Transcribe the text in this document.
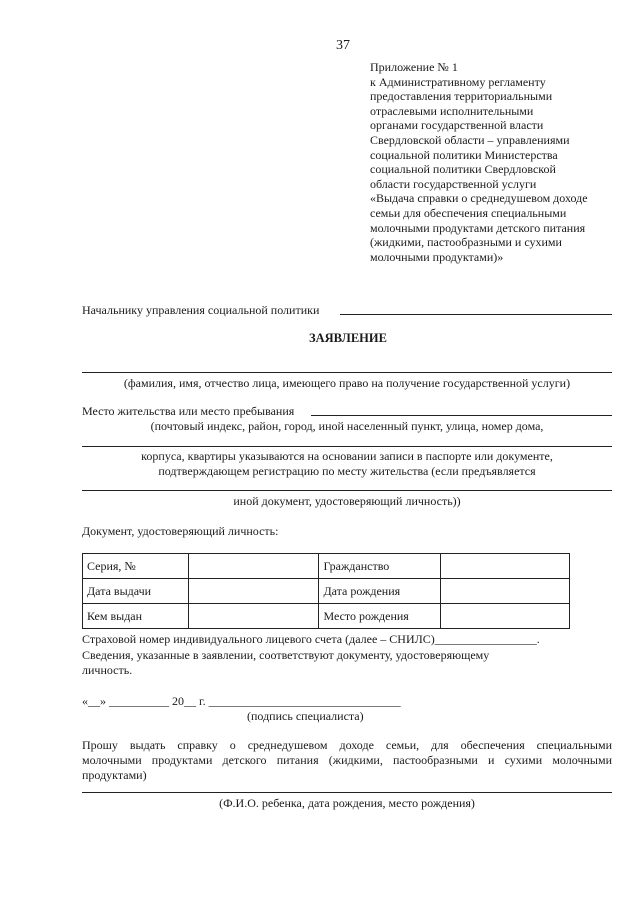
37
Приложение № 1
к Административному регламенту
предоставления территориальными
отраслевыми исполнительными
органами государственной власти
Свердловской области – управлениями
социальной политики Министерства
социальной политики Свердловской
области государственной услуги
«Выдача справки о среднедушевом доходе
семьи для обеспечения специальными
молочными продуктами детского питания
(жидкими, пастообразными и сухими
молочными продуктами)»
Начальнику управления социальной политики
ЗАЯВЛЕНИЕ
(фамилия, имя, отчество лица, имеющего право на получение государственной услуги)
Место жительства или место пребывания
(почтовый индекс, район, город, иной населенный пункт, улица, номер дома,
корпуса, квартиры указываются на основании записи в паспорте или документе,
подтверждающем регистрацию по месту жительства (если предъявляется
иной документ, удостоверяющий личность))
Документ, удостоверяющий личность:
Серия, №		Гражданство	
Дата выдачи		Дата рождения	
Кем выдан		Место рождения	
Страховой номер индивидуального лицевого счета (далее – СНИЛС)_________________.
Сведения, указанные в заявлении, соответствуют документу, удостоверяющему
личность.
«__» __________ 20__ г. ________________________________
(подпись специалиста)
Прошу выдать справку о среднедушевом доходе семьи, для обеспечения специальными
молочными продуктами детского питания (жидкими, пастообразными и сухими молочными
продуктами)
(Ф.И.О. ребенка, дата рождения, место рождения)
